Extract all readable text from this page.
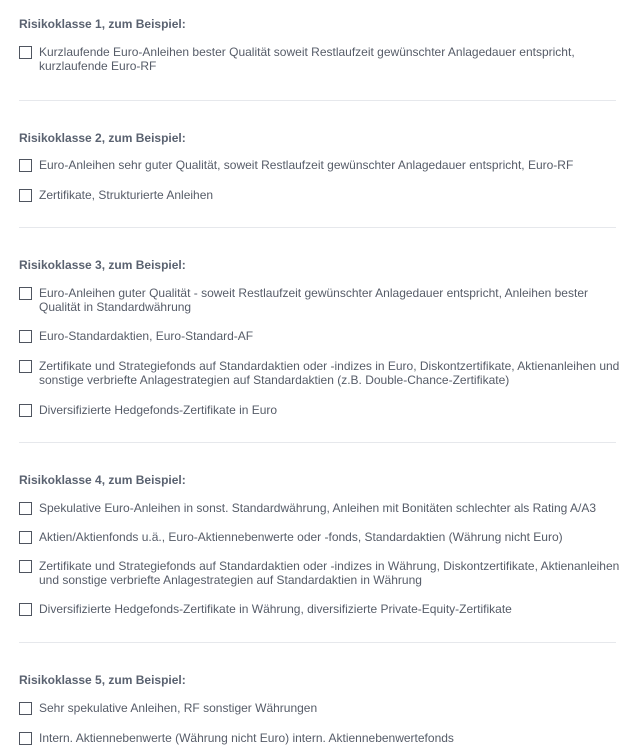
Risikoklasse 1, zum Beispiel:
Kurzlaufende Euro-Anleihen bester Qualität soweit Restlaufzeit gewünschter Anlagedauer entspricht, kurzlaufende Euro-RF
Risikoklasse 2, zum Beispiel:
Euro-Anleihen sehr guter Qualität, soweit Restlaufzeit gewünschter Anlagedauer entspricht, Euro-RF
Zertifikate, Strukturierte Anleihen
Risikoklasse 3, zum Beispiel:
Euro-Anleihen guter Qualität - soweit Restlaufzeit gewünschter Anlagedauer entspricht, Anleihen bester Qualität in Standardwährung
Euro-Standardaktien, Euro-Standard-AF
Zertifikate und Strategiefonds auf Standardaktien oder -indizes in Euro, Diskontzertifikate, Aktienanleihen und sonstige verbriefte Anlagestrategien auf Standardaktien (z.B. Double-Chance-Zertifikate)
Diversifizierte Hedgefonds-Zertifikate in Euro
Risikoklasse 4, zum Beispiel:
Spekulative Euro-Anleihen in sonst. Standardwährung, Anleihen mit Bonitäten schlechter als Rating A/A3
Aktien/Aktienfonds u.ä., Euro-Aktiennebenwerte oder -fonds, Standardaktien (Währung nicht Euro)
Zertifikate und Strategiefonds auf Standardaktien oder -indizes in Währung, Diskontzertifikate, Aktienanleihen und sonstige verbriefte Anlagestrategien auf Standardaktien in Währung
Diversifizierte Hedgefonds-Zertifikate in Währung, diversifizierte Private-Equity-Zertifikate
Risikoklasse 5, zum Beispiel:
Sehr spekulative Anleihen, RF sonstiger Währungen
Intern. Aktiennebenwerte (Währung nicht Euro) intern. Aktiennebenwertefonds
